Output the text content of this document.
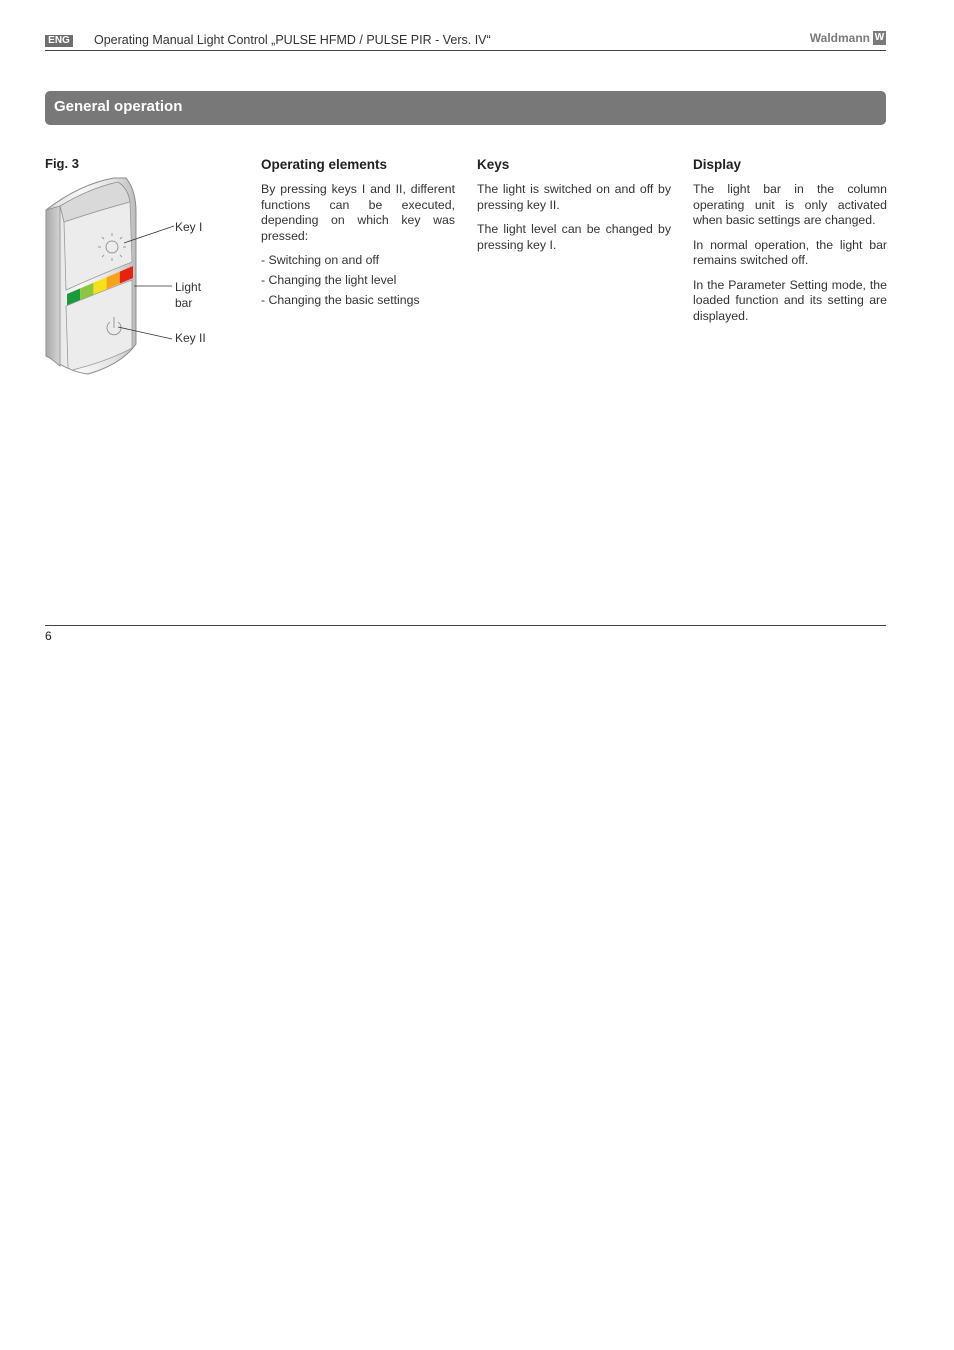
ENG Operating Manual Light Control „PULSE HFMD / PULSE PIR - Vers. IV“	Waldmann W
General operation
Fig. 3
Key I
Light
bar
Key II
Operating elements

By pressing keys I and II, different functions can be executed, depending on which key was pressed:

- Switching on and off
- Changing the light level
- Changing the basic settings
Keys

The light is switched on and off by pressing key II.

The light level can be changed by pressing key I.

Display

The light bar in the column operating unit is only activated when basic settings are changed.

In normal operation, the light bar remains switched off.

In the Parameter Setting mode, the loaded function and its setting are displayed.

6
